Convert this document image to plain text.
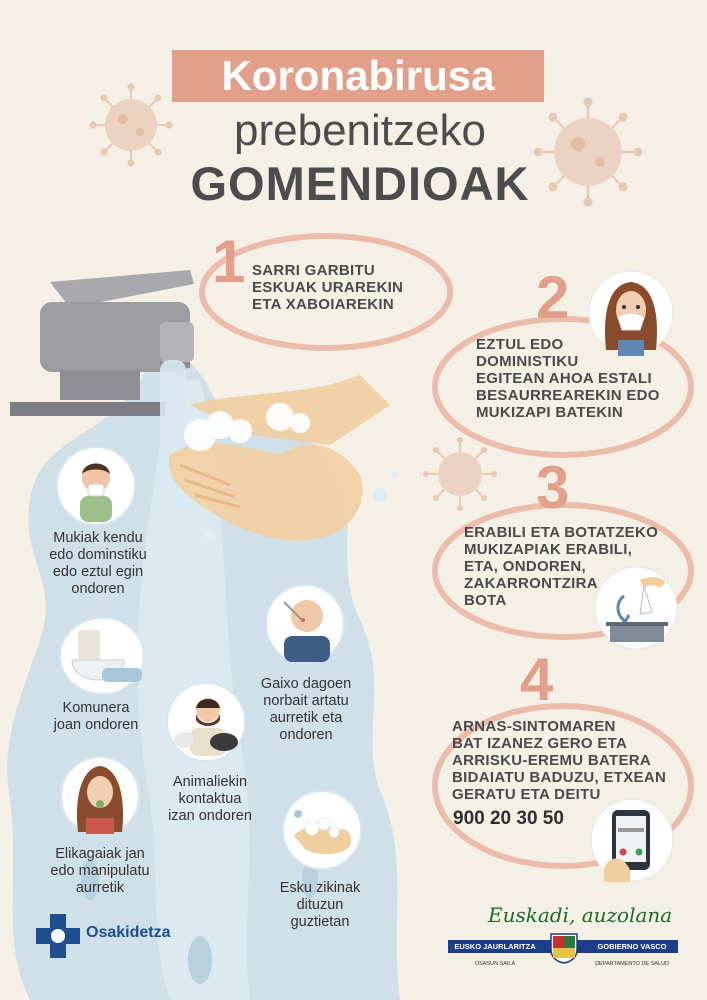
Koronabirusa
prebenitzeko
GOMENDIOAK
1
2
3
4
SARRI GARBITU
ESKUAK URAREKIN
ETA XABOIAREKIN
EZTUL EDO
DOMINISTIKU
EGITEAN AHOA ESTALI
BESAURREAREKIN EDO
MUKIZAPI BATEKIN
ERABILI ETA BOTATZEKO
MUKIZAPIAK ERABILI,
ETA, ONDOREN,
ZAKARRONTZIRA
BOTA
ARNAS-SINTOMAREN
BAT IZANEZ GERO ETA
ARRISKU-EREMU BATERA
BIDAIATU BADUZU, ETXEAN
GERATU ETA DEITU
900 20 30 50
Mukiak kendu
edo dominstiku
edo eztul egin
ondoren
Komunera
joan ondoren
Gaixo dagoen
norbait artatu
aurretik eta
ondoren
Animaliekin
kontaktua
izan ondoren
Elikagaiak jan
edo manipulatu
aurretik	Esku zikinak
dituzun
guztietan
Osakidetza
Euskadi, auzolana
EUSKO JAURLARITZA	GOBIERNO VASCO
OSASUN SAILA	DEPARTAMENTO DE SALUD
